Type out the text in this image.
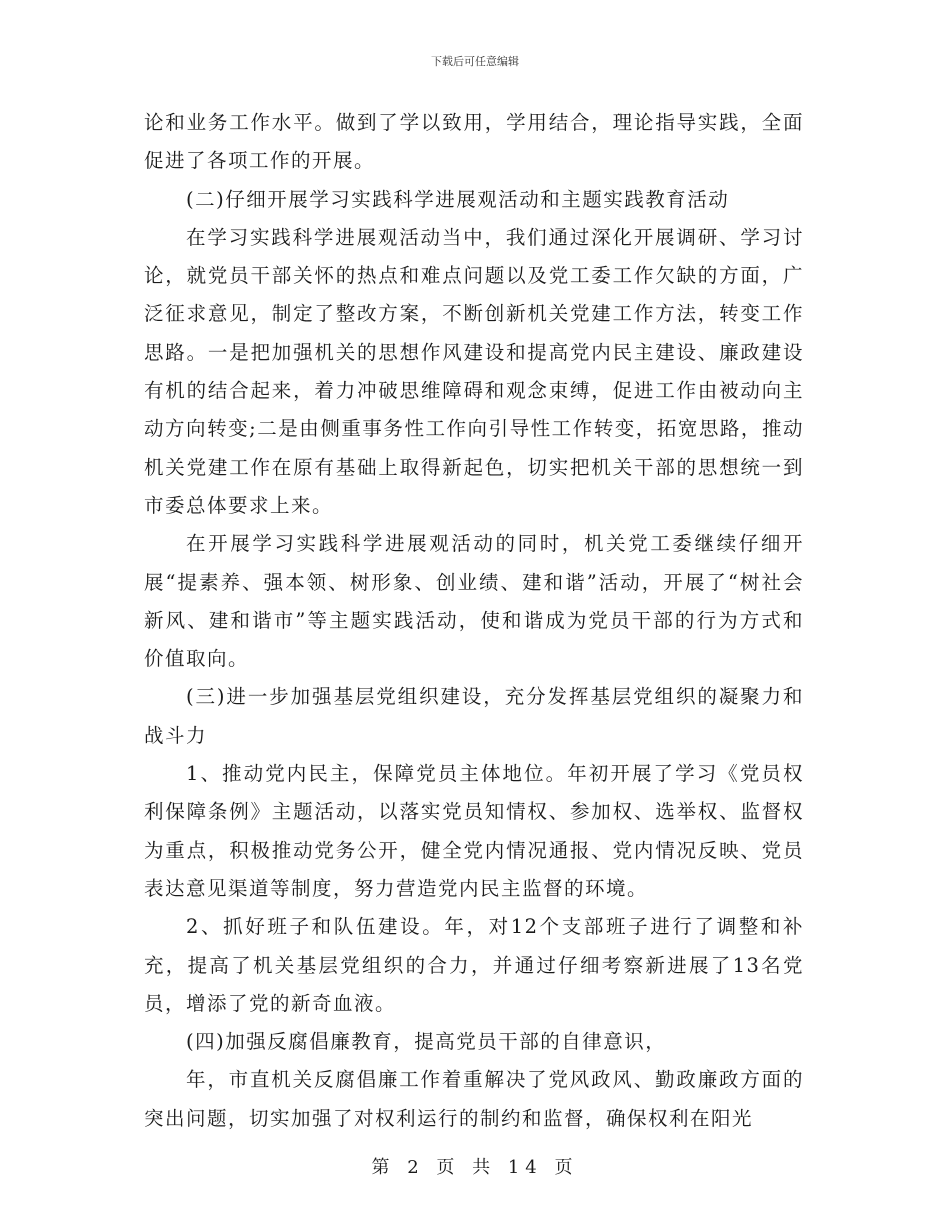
下载后可任意编辑

论和业务工作水平。做到了学以致用，学用结合，理论指导实践，全面促进了各项工作的开展。

(二)仔细开展学习实践科学进展观活动和主题实践教育活动

在学习实践科学进展观活动当中，我们通过深化开展调研、学习讨论，就党员干部关怀的热点和难点问题以及党工委工作欠缺的方面，广泛征求意见，制定了整改方案，不断创新机关党建工作方法，转变工作思路。一是把加强机关的思想作风建设和提高党内民主建设、廉政建设有机的结合起来，着力冲破思维障碍和观念束缚，促进工作由被动向主动方向转变;二是由侧重事务性工作向引导性工作转变，拓宽思路，推动机关党建工作在原有基础上取得新起色，切实把机关干部的思想统一到市委总体要求上来。

在开展学习实践科学进展观活动的同时，机关党工委继续仔细开展“提素养、强本领、树形象、创业绩、建和谐”活动，开展了“树社会新风、建和谐市”等主题实践活动，使和谐成为党员干部的行为方式和价值取向。

(三)进一步加强基层党组织建设，充分发挥基层党组织的凝聚力和战斗力

1、推动党内民主，保障党员主体地位。年初开展了学习《党员权利保障条例》主题活动，以落实党员知情权、参加权、选举权、监督权为重点，积极推动党务公开，健全党内情况通报、党内情况反映、党员表达意见渠道等制度，努力营造党内民主监督的环境。

2、抓好班子和队伍建设。年，对12个支部班子进行了调整和补充，提高了机关基层党组织的合力，并通过仔细考察新进展了13名党员，增添了党的新奇血液。

(四)加强反腐倡廉教育，提高党员干部的自律意识，

年，市直机关反腐倡廉工作着重解决了党风政风、勤政廉政方面的突出问题，切实加强了对权利运行的制约和监督，确保权利在阳光

第 2 页 共 14 页
